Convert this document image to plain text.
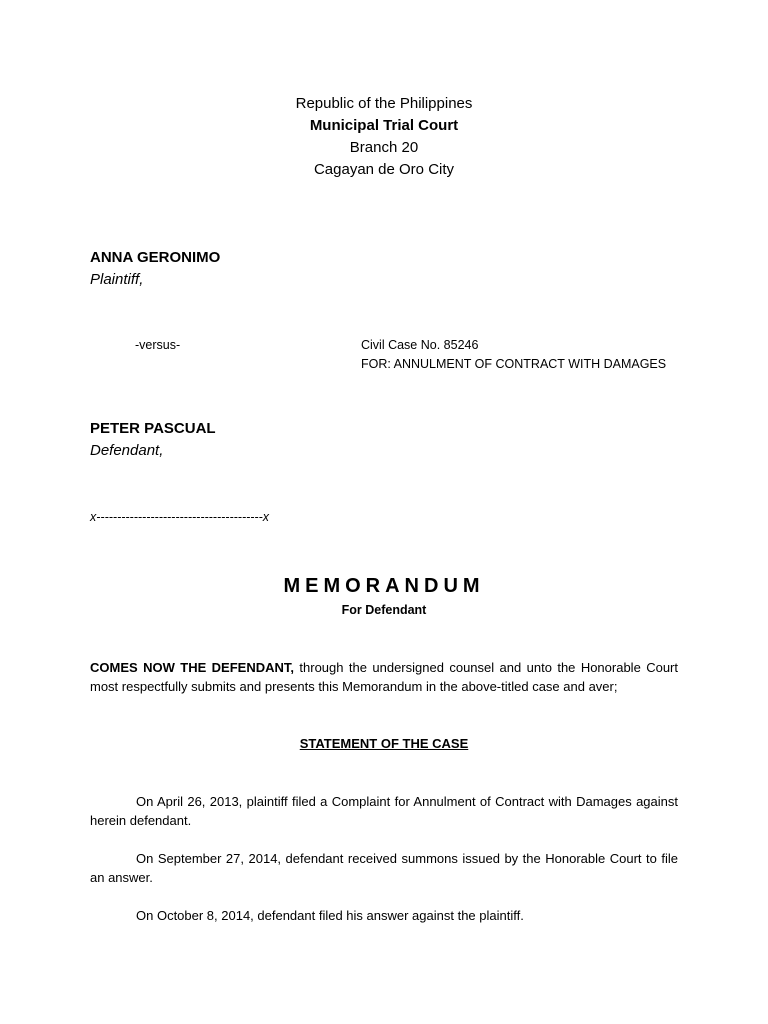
Republic of the Philippines
Municipal Trial Court
Branch 20
Cagayan de Oro City
ANNA GERONIMO
Plaintiff,
-versus-	Civil Case No. 85246
FOR: ANNULMENT OF CONTRACT WITH DAMAGES
PETER PASCUAL
Defendant,
x----------------------------------------x
MEMORANDUM
For Defendant
COMES NOW THE DEFENDANT, through the undersigned counsel and unto the Honorable Court most respectfully submits and presents this Memorandum in the above-titled case and aver;
STATEMENT OF THE CASE
On April 26, 2013, plaintiff filed a Complaint for Annulment of Contract with Damages against herein defendant.
On September 27, 2014, defendant received summons issued by the Honorable Court to file an answer.
On October 8, 2014, defendant filed his answer against the plaintiff.
